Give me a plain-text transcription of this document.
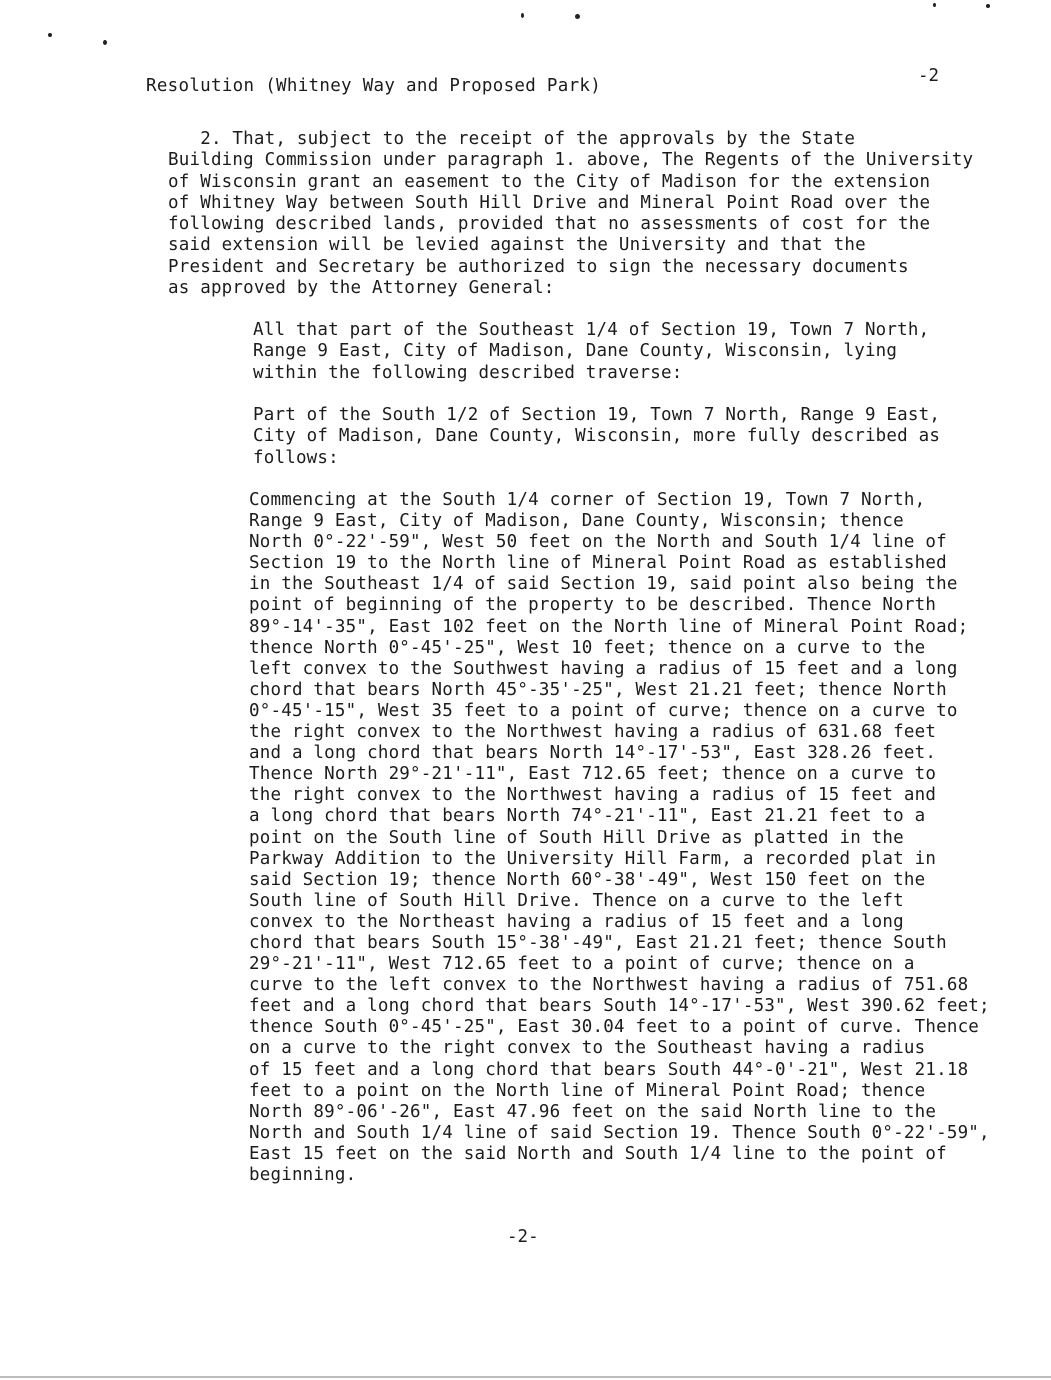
Resolution (Whitney Way and Proposed Park)	-2
2. That, subject to the receipt of the approvals by the State
Building Commission under paragraph 1. above, The Regents of the University
of Wisconsin grant an easement to the City of Madison for the extension
of Whitney Way between South Hill Drive and Mineral Point Road over the
following described lands, provided that no assessments of cost for the
said extension will be levied against the University and that the
President and Secretary be authorized to sign the necessary documents
as approved by the Attorney General:
All that part of the Southeast 1/4 of Section 19, Town 7 North,
Range 9 East, City of Madison, Dane County, Wisconsin, lying
within the following described traverse:
Part of the South 1/2 of Section 19, Town 7 North, Range 9 East,
City of Madison, Dane County, Wisconsin, more fully described as
follows:
Commencing at the South 1/4 corner of Section 19, Town 7 North,
Range 9 East, City of Madison, Dane County, Wisconsin; thence
North 0°-22'-59", West 50 feet on the North and South 1/4 line of
Section 19 to the North line of Mineral Point Road as established
in the Southeast 1/4 of said Section 19, said point also being the
point of beginning of the property to be described. Thence North
89°-14'-35", East 102 feet on the North line of Mineral Point Road;
thence North 0°-45'-25", West 10 feet; thence on a curve to the
left convex to the Southwest having a radius of 15 feet and a long
chord that bears North 45°-35'-25", West 21.21 feet; thence North
0°-45'-15", West 35 feet to a point of curve; thence on a curve to
the right convex to the Northwest having a radius of 631.68 feet
and a long chord that bears North 14°-17'-53", East 328.26 feet.
Thence North 29°-21'-11", East 712.65 feet; thence on a curve to
the right convex to the Northwest having a radius of 15 feet and
a long chord that bears North 74°-21'-11", East 21.21 feet to a
point on the South line of South Hill Drive as platted in the
Parkway Addition to the University Hill Farm, a recorded plat in
said Section 19; thence North 60°-38'-49", West 150 feet on the
South line of South Hill Drive. Thence on a curve to the left
convex to the Northeast having a radius of 15 feet and a long
chord that bears South 15°-38'-49", East 21.21 feet; thence South
29°-21'-11", West 712.65 feet to a point of curve; thence on a
curve to the left convex to the Northwest having a radius of 751.68
feet and a long chord that bears South 14°-17'-53", West 390.62 feet;
thence South 0°-45'-25", East 30.04 feet to a point of curve. Thence
on a curve to the right convex to the Southeast having a radius
of 15 feet and a long chord that bears South 44°-0'-21", West 21.18
feet to a point on the North line of Mineral Point Road; thence
North 89°-06'-26", East 47.96 feet on the said North line to the
North and South 1/4 line of said Section 19. Thence South 0°-22'-59",
East 15 feet on the said North and South 1/4 line to the point of
beginning.
-2-
